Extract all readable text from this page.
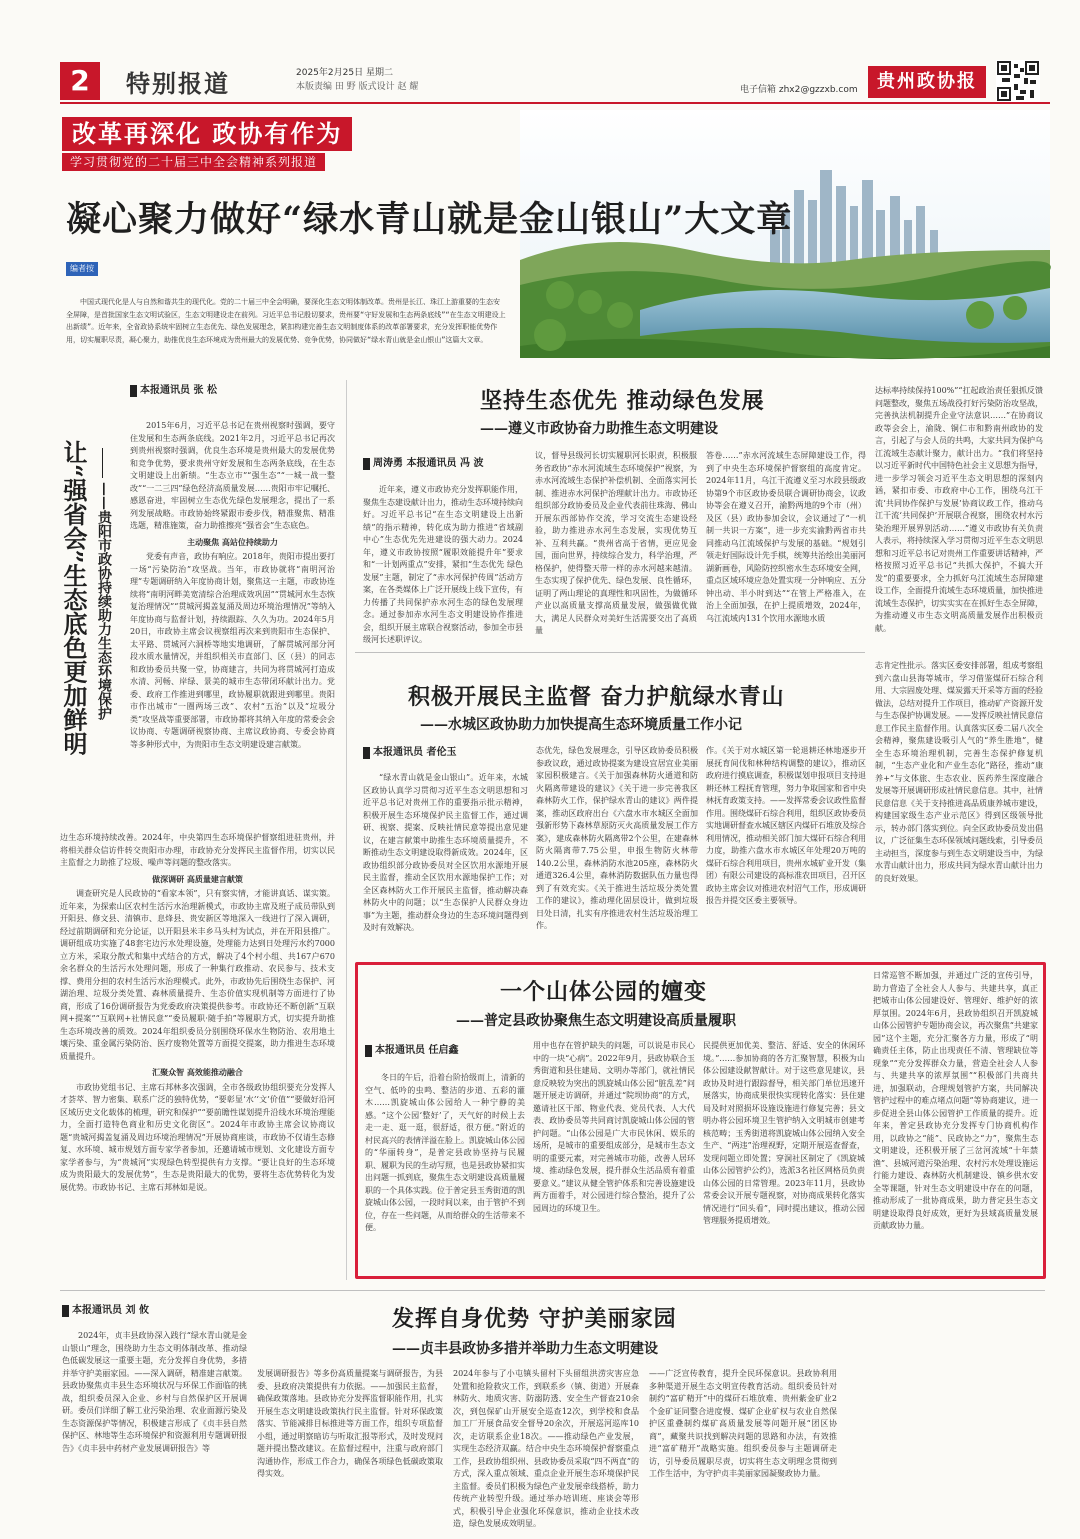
2	特别报道	2025年2月25日 星期二
本版责编 田 野 版式设计 赵 耀	电子信箱 zhx2@gzzxb.com	贵州政协报
改革再深化 政协有作为
学习贯彻党的二十届三中全会精神系列报道
凝心聚力做好“绿水青山就是金山银山”大文章
编者按
中国式现代化是人与自然和谐共生的现代化。党的二十届三中全会明确，要深化生态文明体制改革。贵州是长江、珠江上游重要的生态安全屏障，是首批国家生态文明试验区，生态文明建设走在前列。习近平总书记殷切要求，贵州要“守好发展和生态两条底线”“在生态文明建设上出新绩”。近年来，全省政协系统牢固树立生态优先、绿色发展理念，紧扣构建完善生态文明制度体系的改革部署要求，充分发挥职能优势作用，切实履职尽责，凝心聚力，助推优良生态环境成为贵州最大的发展优势、竞争优势，协同做好“绿水青山就是金山银山”这篇大文章。
本报通讯员 张 松
让“强省会”生态底色更加鲜明 ——贵阳市政协持续助力生态环境保护

2015年6月，习近平总书记在贵州视察时强调，要守住发展和生态两条底线。2021年2月，习近平总书记再次到贵州视察时强调，优良生态环境是贵州最大的发展优势和竞争优势，要求贵州守好发展和生态两条底线，在生态文明建设上出新绩。“生态立市”“强生态”“一城一战一整改”“一二三四”绿色经济高质量发展……贵阳市牢记嘱托、感恩奋进，牢固树立生态优先绿色发展理念，提出了一系列发展战略。市政协始终紧跟市委步伐，精准聚焦、精准选题，精准施策，奋力助推擦亮“强省会”生态底色。

主动聚焦 高站位持续助力

党委有声音，政协有响应。2018年，贵阳市提出要打一场“污染防治”攻坚战。当年，市政协就将“南明河治理”专题调研纳入年度协商计划，聚焦这一主题，市政协连续将“南明河畔美宽清综合治理成效巩固”“贯城河水生态恢复治理情况”“贯城河揭盖复涌及周边环境治理情况”等纳入年度协商与监督计划，持续跟踪、久久为功。2024年5月20日，市政协主席会议视察组再次来到贵阳市生态保护、太平路、贯城河六洞桥等地实地调研，了解贯城河部分河段水质水量情况，并组织相关市直部门、区（县）的同志和政协委员共聚一堂，协商建言，共同为将贯城河打造成水清、河畅、岸绿、景美的城市生态带闭环献计出力。党委、政府工作推进到哪里，政协履职就跟进到哪里。贵阳市作出城市“一圈两场三改”、农村“五治”以及“垃圾分类”攻坚战等重要部署，市政协都将其纳入年度的常委会会议协商、专题调研视察协商、主席议政协商、专委会协商等多种形式中，为贵阳市生态文明建设建言献策。

边生态环境持续改善。2024年，中央第四生态环境保护督察组进驻贵州，并将相关群众信访件转交贵阳市办理，市政协充分发挥民主监督作用，切实以民主监督之力助推了垃圾、噪声等问题的整改落实。

做深调研 高质量建言献策

调查研究是人民政协的“看家本领”，只有察实情，才能讲真话、谋实策。近年来，为探索山区农村生活污水治理新模式，市政协主席及班子成员带队到开阳县、修文县、清镇市、息烽县、贵安新区等地深入一线进行了深入调研，经过前期调研和充分论证，以开阳县米丰乡马头村为试点，并在开阳县推广。调研组成功实施了48套宅边污水处理设施，处理能力达到日处理污水约7000立方米，采取分散式和集中式结合的方式，解决了4个村小组、共167户670余名群众的生活污水处理问题，形成了一种集行政推动、农民参与、技术支撑、费用分担的农村生活污水治理模式。此外，市政协先后围绕生态保护、河湖治理、垃圾分类处置、森林质量提升、生态价值实现机制等方面进行了协商，形成了16份调研报告为党委政府决策提供参考。市政协还不断创新“互联网+提案”“互联网+社情民意”“委员履职·随手拍”等履职方式，切实提升助推生态环境改善的质效。2024年组织委员分别围绕环保水生物防治、农用地土壤污染、重金属污染防治、医疗废物处置等方面提交提案，助力推进生态环境质量提升。

汇聚众智 高效能推动融合

市政协党组书记、主席石邦林多次强调，全市各级政协组织要充分发挥人才荟萃、智力密集、联系广泛的独特优势，“要彰显‘水’‘文’价值”“要做好沿河区域历史文化载体的梳理，研究和保护”“要前瞻性谋划提升沿线水环境治理能力，全面打造特色商业和历史文化街区”。2024年市政协主席会议协商议题“贵城河揭盖复涌及周边环境治理情况”开展协商座谈，市政协不仅请生态修复、水环境、城市规划方面专家学者参加，还邀请城市规划、文化建设方面专家学者参与，为“贵城河”实现绿色转型提供有力支撑。“要让良好的生态环境成为贵阳最大的发展优势”，生态是贵阳最大的优势，要将生态优势转化为发展优势。市政协书记、主席石邦林如是说。

坚持生态优先 推动绿色发展
——遵义市政协奋力助推生态文明建设
周涛勇 本报通讯员 冯 波

近年来，遵义市政协充分发挥职能作用，聚焦生态建设献计出力，推动生态环境持续向好。习近平总书记“在生态文明建设上出新绩”的指示精神，转化成为助力推进“省域副中心”生态优先先进建设的强大动力。2024年，遵义市政协按照“履职效能提升年”要求和“一计划两重点”安排，紧扣“生态优先 绿色发展”主题，制定了“赤水河保护传周”活动方案，在各类媒体上广泛开展线上线下宣传，有力传播了共同保护赤水河生态的绿色发展理念。通过参加赤水河生态文明建设协作推进会，组织开展主席联合视察活动，参加全市县级河长述职评议。

议，督导县级河长切实履职河长职责，积极服务省政协“赤水河流域生态环境保护”视察，为赤水河流域生态保护补偿机制、全面落实河长制、推进赤水河保护治理献计出力。市政协还组织部分政协委员及企业代表前往珠海、佛山开展东西部协作交流，学习交流生态建设经验，助力推进赤水河生态发展，实现优势互补、互利共赢。“贵州省高于省情，更应见金国，面向世界，持续综合发力，科学治理，严格保护，使得整天带一样的赤水河越来越清。生态实现了保护优先、绿色发展、良性循环，证明了两山理论的真理性和巩固性，为做循环产业以高质量支撑高质量发展，做强做优做大，满足人民群众对美好生活需要交出了高质量

答卷……”赤水河流域生态屏障建设工作，得到了中央生态环境保护督察组的高度肯定。2024年11月，乌江干流遵义至习水段县级政协第9个市区政协委员联合调研协商会，议政协等会在遵义召开，渝黔两地的9个市（州）及区（县）政协参加会议，会议通过了“一机制一共识一方案”，进一步充实渝黔两省市共同推动乌江流域保护与发展的基础。“规划引领走好国际设计先手棋，统筹共治绘出美丽河湖新画卷，风险防控织密水生态环境安全网，重点区域环境应急处置实现一分钟响应、五分钟出动、半小时到达”“在管上严格准入，在治上全面加强，在护上提质增效，2024年，乌江流域内131个饮用水源地水质

达标率持续保持100%”“扛起政治责任狠抓反馈问题整改，聚焦五场战役打好污染防治攻坚战，完善执法机制提升企业守法意识……”在协商议政等会会上，渝陇、铜仁市和黔南州政协的发言，引起了与会人员的共鸣，大家共同为保护乌江流域生态献计聚力，献计出力。“我们将坚持以习近平新时代中国特色社会主义思想为指导，进一步学习领会习近平生态文明思想的深刻内涵，紧扣市委、市政府中心工作，围绕乌江干流‘共同协作保护与发展’协商议政工作，推动乌江干流‘共同保护’开展联合视察，围绕农村水污染治理开展界别活动……”遵义市政协有关负责人表示，将持续深入学习贯彻习近平生态文明思想和习近平总书记对贵州工作重要讲话精神，严格按照习近平总书记“共抓大保护，不搞大开发”的重要要求，全力抓好乌江流域生态屏障建设工作，全面提升流域生态环境质量，加快推进流域生态保护，切实实实在在抓好生态全屏障，为推动遵义市生态文明高质量发展作出积极贡献。

积极开展民主监督 奋力护航绿水青山
——水城区政协助力加快提高生态环境质量工作小记
本报通讯员 者伦玉

“绿水青山就是金山银山”。近年来，水城区政协认真学习贯彻习近平生态文明思想和习近平总书记对贵州工作的重要指示批示精神，积极开展生态环境保护民主监督工作，通过调研、视察、提案、反映社情民意等提出意见建议，在建言献策中助推生态环境质量提升，不断推动生态文明建设取得新成效。2024年，区政协组织部分政协委员对全区饮用水源地开展民主监督，推动全区饮用水源地保护工作；对全区森林防火工作开展民主监督，推动解决森林防火中的问题；以“生态保护人民群众身边事”为主题，推动群众身边的生态环境问题得到及时有效解决。

态优先，绿色发展理念，引导区政协委员积极参政议政，通过政协提案为建设宜居宜业美丽家园积极建言。《关于加强森林防火通道和防火隔离带建设的建议》《关于进一步完善我区森林防火工作，保护绿水青山的建议》两件提案，推动区政府出台《六盘水市水城区全面加强新形势下森林草原防灭火高质量发展工作方案》，建成森林防火隔离带2个公里，在建森林防火隔离带7.75公里，申报生物防火林带140.2公里，森林消防水池205座，森林防火通道326.4公里，森林消防数据队伍力量也得到了有效充实。《关于推进生活垃圾分类处置工作的建议》，推动理化固层设计，做到垃圾日处日清，扎实有序推进农村生活垃圾治理工作。

作。《关于对水城区第一轮退耕还林地逐步开展抚育间伐和林种结构调整的建议》，推动区政府进行摸底调查，积极谋划申报项目支持退耕还林工程抚育管理，努力争取国家和省中央林抚育政策支持。——发挥常委会议政性监督作用。围绕煤矸石综合利用，组织区政协委员实地调研督查水城区辖区内煤矸石堆放及综合利用情况，推动相关部门加大煤矸石综合利用力度，助推六盘水市水城区年处理20万吨的煤矸石综合利用项目，贵州水城矿业开发（集团）有限公司建设的高标准农田项目，召开区政协主席会议对推进农村沼气工作，形成调研报告并提交区委主要领导。

志肯定性批示。落实区委安排部署，组成考察组到六盘山县海等城市，学习借鉴煤矸石综合利用、大宗固废处理、煤炭露天开采等方面的经验做法，总结对提升工作项目，推动矿产资源开发与生态保护协调发展。——发挥反映社情民意信息工作民主监督作用。认真落实区委二届八次全会精神，聚焦建设吸引人气的“养生胜地”，健全生态环境治理机制，完善生态保护修复机制，“生态产业化和产业生态化”路径，推动“康养+”与文体旅、生态农业、医药养生深度融合发展等开展调研形成社情民意信息。其中，社情民意信息《关于支持推进高品质康养城市建设，构建国家级生态产业示范区》得到区级领导批示，转办部门落实到位。向全区政协委员发出倡议，广泛征集生态环保领域问题线索，引导委员主动担当，深度参与到生态文明建设当中，为绿水青山献计出力，形成共同为绿水青山献计出力的良好效果。

一个山体公园的嬗变
——普定县政协聚焦生态文明建设高质量履职
本报通讯员 任启鑫

冬日的午后，沿着台阶拾级而上，清新的空气、低吟的虫鸣、整洁的步道、五彩的灌木……凯旋城山体公园给人一种宁静的美感。“这个公园‘整好’了，天气好的时候上去走一走、逛一逛，很舒适，很方便。”附近的村民高兴的表情洋溢在脸上。凯旋城山体公园的“华丽转身”，是普定县政协坚持与民履职、履职为民的生动写照，也是县政协紧扣实出问题一抓到底，聚焦生态文明建设高质量履职的一个具体实践。位于普定县玉秀街道的凯旋城山体公园，一段时间以来，由于管护不到位，存在一些问题，从而给群众的生活带来不便。

用中也存在管护缺失的问题，可以说是市民心中的一块“心病”。2022年9月，县政协联合玉秀街道和县住建局、文明办等部门，就社情民意反映较为突出的凯旋城山体公园“脏乱差”问题开展走访调研，并通过“院坝协商”的方式，邀请社区干部、物业代表、党员代表、人大代表、政协委员等共同商讨凯旋城山体公园的管护问题。“山体公园是广大市民休闲、娱乐的场所，是城市的重要组成部分，是城市生态文明的重要元素，对完善城市功能，改善人居环境、推动绿色发展，提升群众生活品质有着重要意义。”建议从健全管护体系和完善设施建设两方面着手，对公园进行综合整治，提升了公园周边的环境卫生。

民提供更加优美、整洁、舒适、安全的休闲环境。”……参加协商的各方汇聚智慧，积极为山体公园建设献智献计。对于这些意见建议，县政协及时进行跟踪督导，相关部门单位迅速开展落实，协商成果很快实现转化落实：县住建局及时对照损坏设施设施进行修复完善；县文明办将公园环境卫生管护纳入文明城市创建考核范畴；玉秀街道将凯旋城山体公园纳入安全生产、“两违”治理视野，定期开展巡查督查，发现问题立即处置；穿洞社区制定了《凯旋城山体公园管护公约》，选派3名社区网格员负责山体公园的日常管理。2023年11月，县政协常委会议开展专题视察，对协商成果转化落实情况进行“回头看”，同时提出建议，推动公园管理服务提质增效。

日常巡管不断加强，并通过广泛的宣传引导，助力营造了全社会人人参与、共建共享，真正把城市山体公园建设好、管理好、维护好的浓厚氛围。2024年6月，县政协组织召开凯旋城山体公园管护专题协商会议，再次聚焦“共建家园”这个主题，充分汇聚各方力量，形成了“明确责任主体，防止出现责任不清、管理缺位等现象”“充分发挥群众力量，营造全社会人人参与、共建共享的浓厚氛围”“积极部门共商共进，加强联动，合理规划管护方案，共同解决管护过程中的难点堵点问题”等协商建议，进一步促进全县山体公园管护工作质量的提升。近年来，普定县政协充分发挥专门协商机构作用，以政协之“能”、民政协之“力”，聚焦生态文明建设，还积极开展了三岔河流域“十年禁渔”、县城河道污染治理、农村污水处理设施运行能力建设、森林防火机制建设、镇乡供水安全等课题，针对生态文明建设中存在的问题，推动形成了一批协商成果，助力普定县生态文明建设取得良好成效，更好为县域高质量发展贡献政协力量。

本报通讯员 刘 攸	发挥自身优势 守护美丽家园
——贞丰县政协多措并举助力生态文明建设

2024年，贞丰县政协深入践行“绿水青山就是金山银山”理念，围绕助力生态文明体制改革、推动绿色低碳发展这一重要主题，充分发挥自身优势，多措并举守护美丽家园。——深入调研，精准建言献策。县政协聚焦贞丰县生态环境状况与环保工作面临的挑战，组织委员深入企业、乡村与自然保护区开展调研。委员们详细了解工业污染治理、农业面源污染及生态资源保护等情况，积极建言形成了《贞丰县自然保护区、林地等生态环境保护和资源利用专题调研报告》《贞丰县中药材产业发展调研报告》等

发展调研报告》等多份高质量提案与调研报告，为县委、县政府决策提供有力依据。——加强民主监督，确保政策落地。县政协充分发挥监督职能作用，扎实开展生态文明建设政策执行民主监督。针对环保政策落实、节能减排目标推进等方面工作，组织专项监督小组，通过明察暗访与听取汇报等形式，及时发现问题并提出整改建议。在监督过程中，注重与政府部门沟通协作，形成工作合力，确保各项绿色低碳政策取得实效。

2024年参与了小屯镇头留村下头留组洪涝灾害应急处置和抢险救灾工作，到联系乡（镇、街道）开展森林防火、地质灾害、防溺防透、安全生产督查210余次，到包保矿山开展安全巡查12次，到学校和食品加工厂开展食品安全督导20余次，开展巡河巡库10次，走访联系企业18次。——推动绿色产业发展，实现生态经济双赢。结合中央生态环境保护督察重点工作，县政协组织州、县政协委员采取“四不两直”的方式，深入重点领域、重点企业开展生态环境保护民主监督。委员们积极为绿色产业发展牵线搭桥，助力传统产业转型升级。通过举办培训班、座谈会等形式，积极引导企业强化环保意识，推动企业技术改造，绿色发展成效明显。

——广泛宣传教育，提升全民环保意识。县政协利用多种渠道开展生态文明宣传教育活动。组织委员针对制约“富矿精开”中的煤矸石堆放难、贵州紫金矿业2个金矿证同整合进度慢、煤矿企业矿权与农业自然保护区重叠制约煤矿高质量发展等问题开展“团区协商”，藏聚共识找到解决问题的思路和办法，有效推进“富矿精开”战略实施。组织委员参与主题调研走访，引导委员履职尽责，切实将生态文明理念贯彻到工作生活中，为守护贞丰美丽家园凝聚政协力量。
